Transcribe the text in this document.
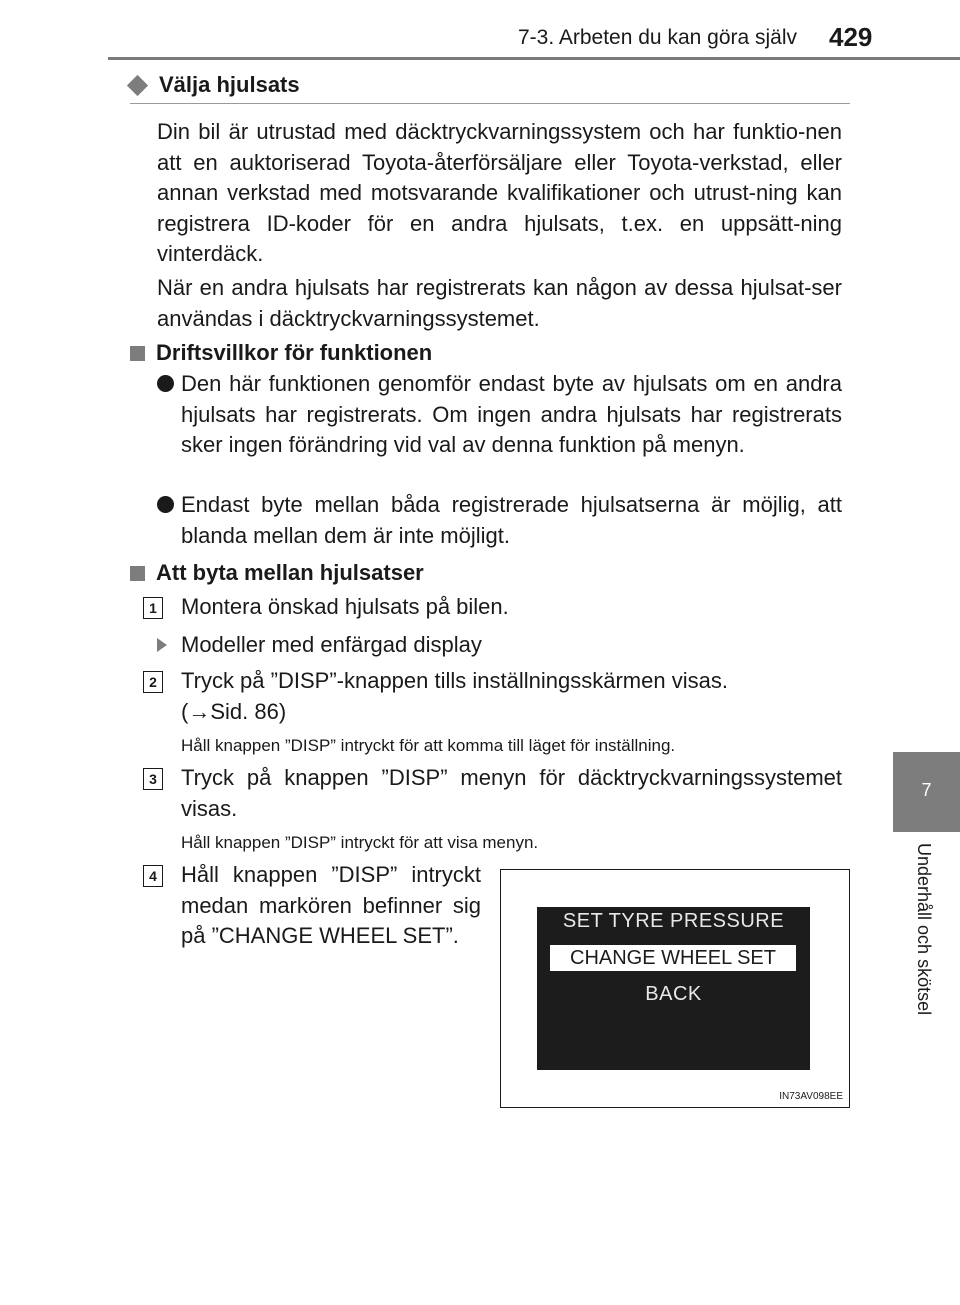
7-3. Arbeten du kan göra själv 429
7
Underhåll och skötsel
Välja hjulsats
Din bil är utrustad med däcktryckvarningssystem och har funktio-nen att en auktoriserad Toyota-återförsäljare eller Toyota-verkstad, eller annan verkstad med motsvarande kvalifikationer och utrust-ning kan registrera ID-koder för en andra hjulsats, t.ex. en uppsätt-ning vinterdäck.
När en andra hjulsats har registrerats kan någon av dessa hjulsat-ser användas i däcktryckvarningssystemet.
Driftsvillkor för funktionen
Den här funktionen genomför endast byte av hjulsats om en andra hjulsats har registrerats. Om ingen andra hjulsats har registrerats sker ingen förändring vid val av denna funktion på menyn.
Endast byte mellan båda registrerade hjulsatserna är möjlig, att blanda mellan dem är inte möjligt.
Att byta mellan hjulsatser
1 Montera önskad hjulsats på bilen.
Modeller med enfärgad display
2 Tryck på ”DISP”-knappen tills inställningsskärmen visas.
(→Sid. 86)
Håll knappen ”DISP” intryckt för att komma till läget för inställning.
3 Tryck på knappen ”DISP” menyn för däcktryckvarningssystemet visas.
Håll knappen ”DISP” intryckt för att visa menyn.
4 Håll knappen ”DISP” intryckt medan markören befinner sig på ”CHANGE WHEEL SET”.
SET TYRE PRESSURE
CHANGE WHEEL SET
BACK
IN73AV098EE
